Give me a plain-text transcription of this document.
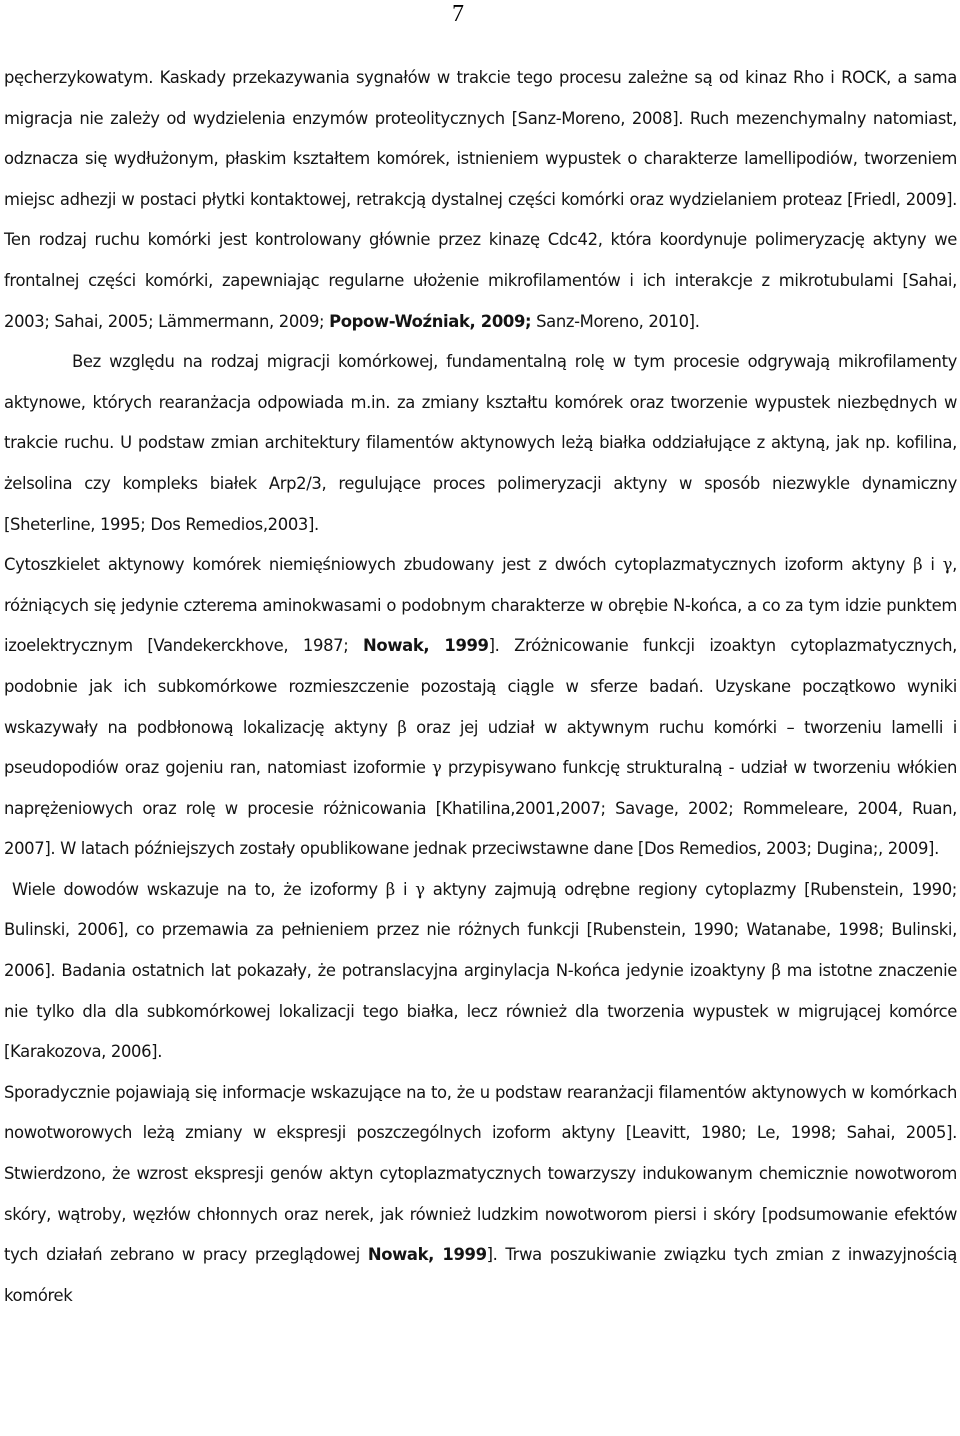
7

pęcherzykowatym. Kaskady przekazywania sygnałów w trakcie tego procesu zależne są od kinaz Rho i ROCK, a sama migracja nie zależy od wydzielenia enzymów proteolitycznych [Sanz-Moreno, 2008]. Ruch mezenchymalny natomiast, odznacza się wydłużonym, płaskim kształtem komórek, istnieniem wypustek o charakterze lamellipodiów, tworzeniem miejsc adhezji w postaci płytki kontaktowej, retrakcją dystalnej części komórki oraz wydzielaniem proteaz [Friedl, 2009]. Ten rodzaj ruchu komórki jest kontrolowany głównie przez kinazę Cdc42, która koordynuje polimeryzację aktyny we frontalnej części komórki, zapewniając regularne ułożenie mikrofilamentów i ich interakcje z mikrotubulami [Sahai, 2003; Sahai, 2005; Lämmermann, 2009; Popow-Woźniak, 2009; Sanz-Moreno, 2010].

Bez względu na rodzaj migracji komórkowej, fundamentalną rolę w tym procesie odgrywają mikrofilamenty aktynowe, których rearanżacja odpowiada m.in. za zmiany kształtu komórek oraz tworzenie wypustek niezbędnych w trakcie ruchu. U podstaw zmian architektury filamentów aktynowych leżą białka oddziałujące z aktyną, jak np. kofilina, żelsolina czy kompleks białek Arp2/3, regulujące proces polimeryzacji aktyny w sposób niezwykle dynamiczny [Sheterline, 1995; Dos Remedios,2003].

Cytoszkielet aktynowy komórek niemięśniowych zbudowany jest z dwóch cytoplazmatycznych izoform aktyny β i γ, różniących się jedynie czterema aminokwasami o podobnym charakterze w obrębie N-końca, a co za tym idzie punktem izoelektrycznym [Vandekerckhove, 1987; Nowak, 1999]. Zróżnicowanie funkcji izoaktyn cytoplazmatycznych, podobnie jak ich subkomórkowe rozmieszczenie pozostają ciągle w sferze badań. Uzyskane początkowo wyniki wskazywały na podbłonową lokalizację aktyny β oraz jej udział w aktywnym ruchu komórki – tworzeniu lamelli i pseudopodiów oraz gojeniu ran, natomiast izoformie γ przypisywano funkcję strukturalną - udział w tworzeniu włókien naprężeniowych oraz rolę w procesie różnicowania [Khatilina,2001,2007; Savage, 2002; Rommeleare, 2004, Ruan, 2007]. W latach późniejszych zostały opublikowane jednak przeciwstawne dane [Dos Remedios, 2003; Dugina;, 2009].

Wiele dowodów wskazuje na to, że izoformy β i γ aktyny zajmują odrębne regiony cytoplazmy [Rubenstein, 1990; Bulinski, 2006], co przemawia za pełnieniem przez nie różnych funkcji [Rubenstein, 1990; Watanabe, 1998; Bulinski, 2006]. Badania ostatnich lat pokazały, że potranslacyjna arginylacja N-końca jedynie izoaktyny β ma istotne znaczenie nie tylko dla dla subkomórkowej lokalizacji tego białka, lecz również dla tworzenia wypustek w migrującej komórce [Karakozova, 2006].

Sporadycznie pojawiają się informacje wskazujące na to, że u podstaw rearanżacji filamentów aktynowych w komórkach nowotworowych leżą zmiany w ekspresji poszczególnych izoform aktyny [Leavitt, 1980; Le, 1998; Sahai, 2005]. Stwierdzono, że wzrost ekspresji genów aktyn cytoplazmatycznych towarzyszy indukowanym chemicznie nowotworom skóry, wątroby, węzłów chłonnych oraz nerek, jak również ludzkim nowotworom piersi i skóry [podsumowanie efektów tych działań zebrano w pracy przeglądowej Nowak, 1999]. Trwa poszukiwanie związku tych zmian z inwazyjnością komórek
